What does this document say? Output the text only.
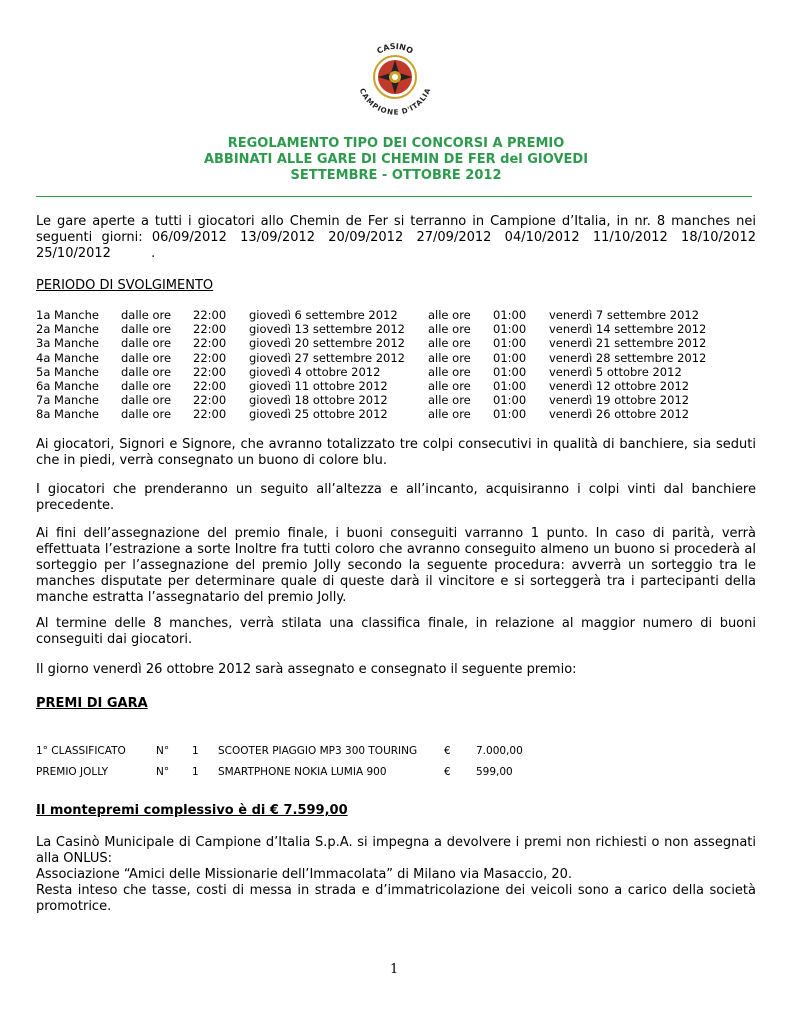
CASINO
CAMPIONE D'ITALIA
REGOLAMENTO TIPO DEI CONCORSI A PREMIO
ABBINATI ALLE GARE DI CHEMIN DE FER del GIOVEDI
SETTEMBRE - OTTOBRE 2012
Le gare aperte a tutti i giocatori allo Chemin de Fer si terranno in Campione d’Italia, in nr. 8 manches nei seguenti giorni: 06/09/2012 13/09/2012 20/09/2012 27/09/2012 04/10/2012 11/10/2012 18/10/2012 25/10/2012	.
PERIODO DI SVOLGIMENTO
1a Manche dalle ore 22:00 giovedì 6 settembre 2012	alle ore 01:00 venerdì 7 settembre 2012
2a Manche dalle ore 22:00 giovedì 13 settembre 2012 alle ore 01:00 venerdì 14 settembre 2012
3a Manche dalle ore 22:00 giovedì 20 settembre 2012 alle ore 01:00 venerdì 21 settembre 2012
4a Manche dalle ore 22:00 giovedì 27 settembre 2012 alle ore 01:00 venerdì 28 settembre 2012
5a Manche dalle ore 22:00 giovedì 4 ottobre 2012	alle ore 01:00 venerdì 5 ottobre 2012
6a Manche dalle ore 22:00 giovedì 11 ottobre 2012	alle ore 01:00 venerdì 12 ottobre 2012
7a Manche dalle ore 22:00 giovedì 18 ottobre 2012	alle ore 01:00 venerdì 19 ottobre 2012
8a Manche dalle ore 22:00 giovedì 25 ottobre 2012	alle ore 01:00 venerdì 26 ottobre 2012
Ai giocatori, Signori e Signore, che avranno totalizzato tre colpi consecutivi in qualità di banchiere, sia seduti che in piedi, verrà consegnato un buono di colore blu.
I giocatori che prenderanno un seguito all’altezza e all’incanto, acquisiranno i colpi vinti dal banchiere precedente.
Ai fini dell’assegnazione del premio finale, i buoni conseguiti varranno 1 punto. In caso di parità, verrà effettuata l’estrazione a sorte Inoltre fra tutti coloro che avranno conseguito almeno un buono si procederà al sorteggio per l’assegnazione del premio Jolly secondo la seguente procedura: avverrà un sorteggio tra le manches disputate per determinare quale di queste darà il vincitore e si sorteggerà tra i partecipanti della manche estratta l’assegnatario del premio Jolly.
Al termine delle 8 manches, verrà stilata una classifica finale, in relazione al maggior numero di buoni conseguiti dai giocatori.
Il giorno venerdì 26 ottobre 2012 sarà assegnato e consegnato il seguente premio:
PREMI DI GARA
1° CLASSIFICATO	N° 1 SCOOTER PIAGGIO MP3 300 TOURING	€ 7.000,00
PREMIO JOLLY	N° 1 SMARTPHONE NOKIA LUMIA 900	€ 599,00
Il montepremi complessivo è di € 7.599,00
La Casinò Municipale di Campione d’Italia S.p.A. si impegna a devolvere i premi non richiesti o non assegnati alla ONLUS:
Associazione “Amici delle Missionarie dell’Immacolata” di Milano via Masaccio, 20.
Resta inteso che tasse, costi di messa in strada e d’immatricolazione dei veicoli sono a carico della società promotrice.
1
